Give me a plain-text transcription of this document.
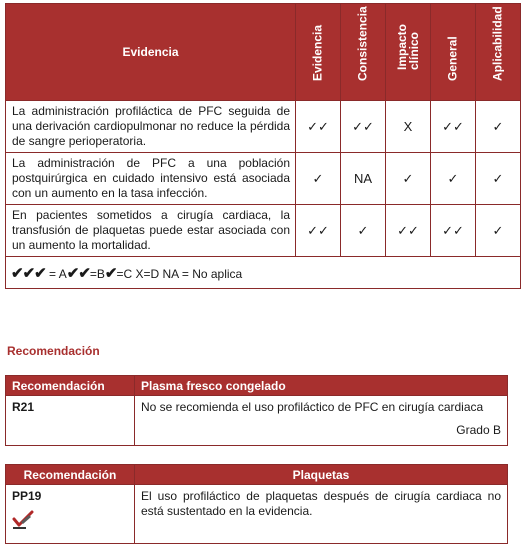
Evidencia	Evidencia	Consistencia	Impacto clínico	General	Aplicabilidad

La administración profiláctica de PFC seguida de una derivación cardiopulmonar no reduce la pérdida de sangre perioperatoria.	✓✓	✓✓	X	✓✓	✓
La administración de PFC a una población postquirúrgica en cuidado intensivo está asociada con un aumento en la tasa infección.	✓	NA	✓	✓	✓
En pacientes sometidos a cirugía cardiaca, la transfusión de plaquetas puede estar asociada con un aumento la mortalidad.	✓✓	✓	✓✓	✓✓	✓
✔✔✔ = A✔✔=B✔=C X=D NA = No aplica					
Recomendación
Recomendación	Plasma fresco congelado
R21	No se recomienda el uso profiláctico de PFC en cirugía cardiaca
Grado B
Recomendación	Plaquetas
PP19	El uso profiláctico de plaquetas después de cirugía cardiaca no está sustentado en la evidencia.
